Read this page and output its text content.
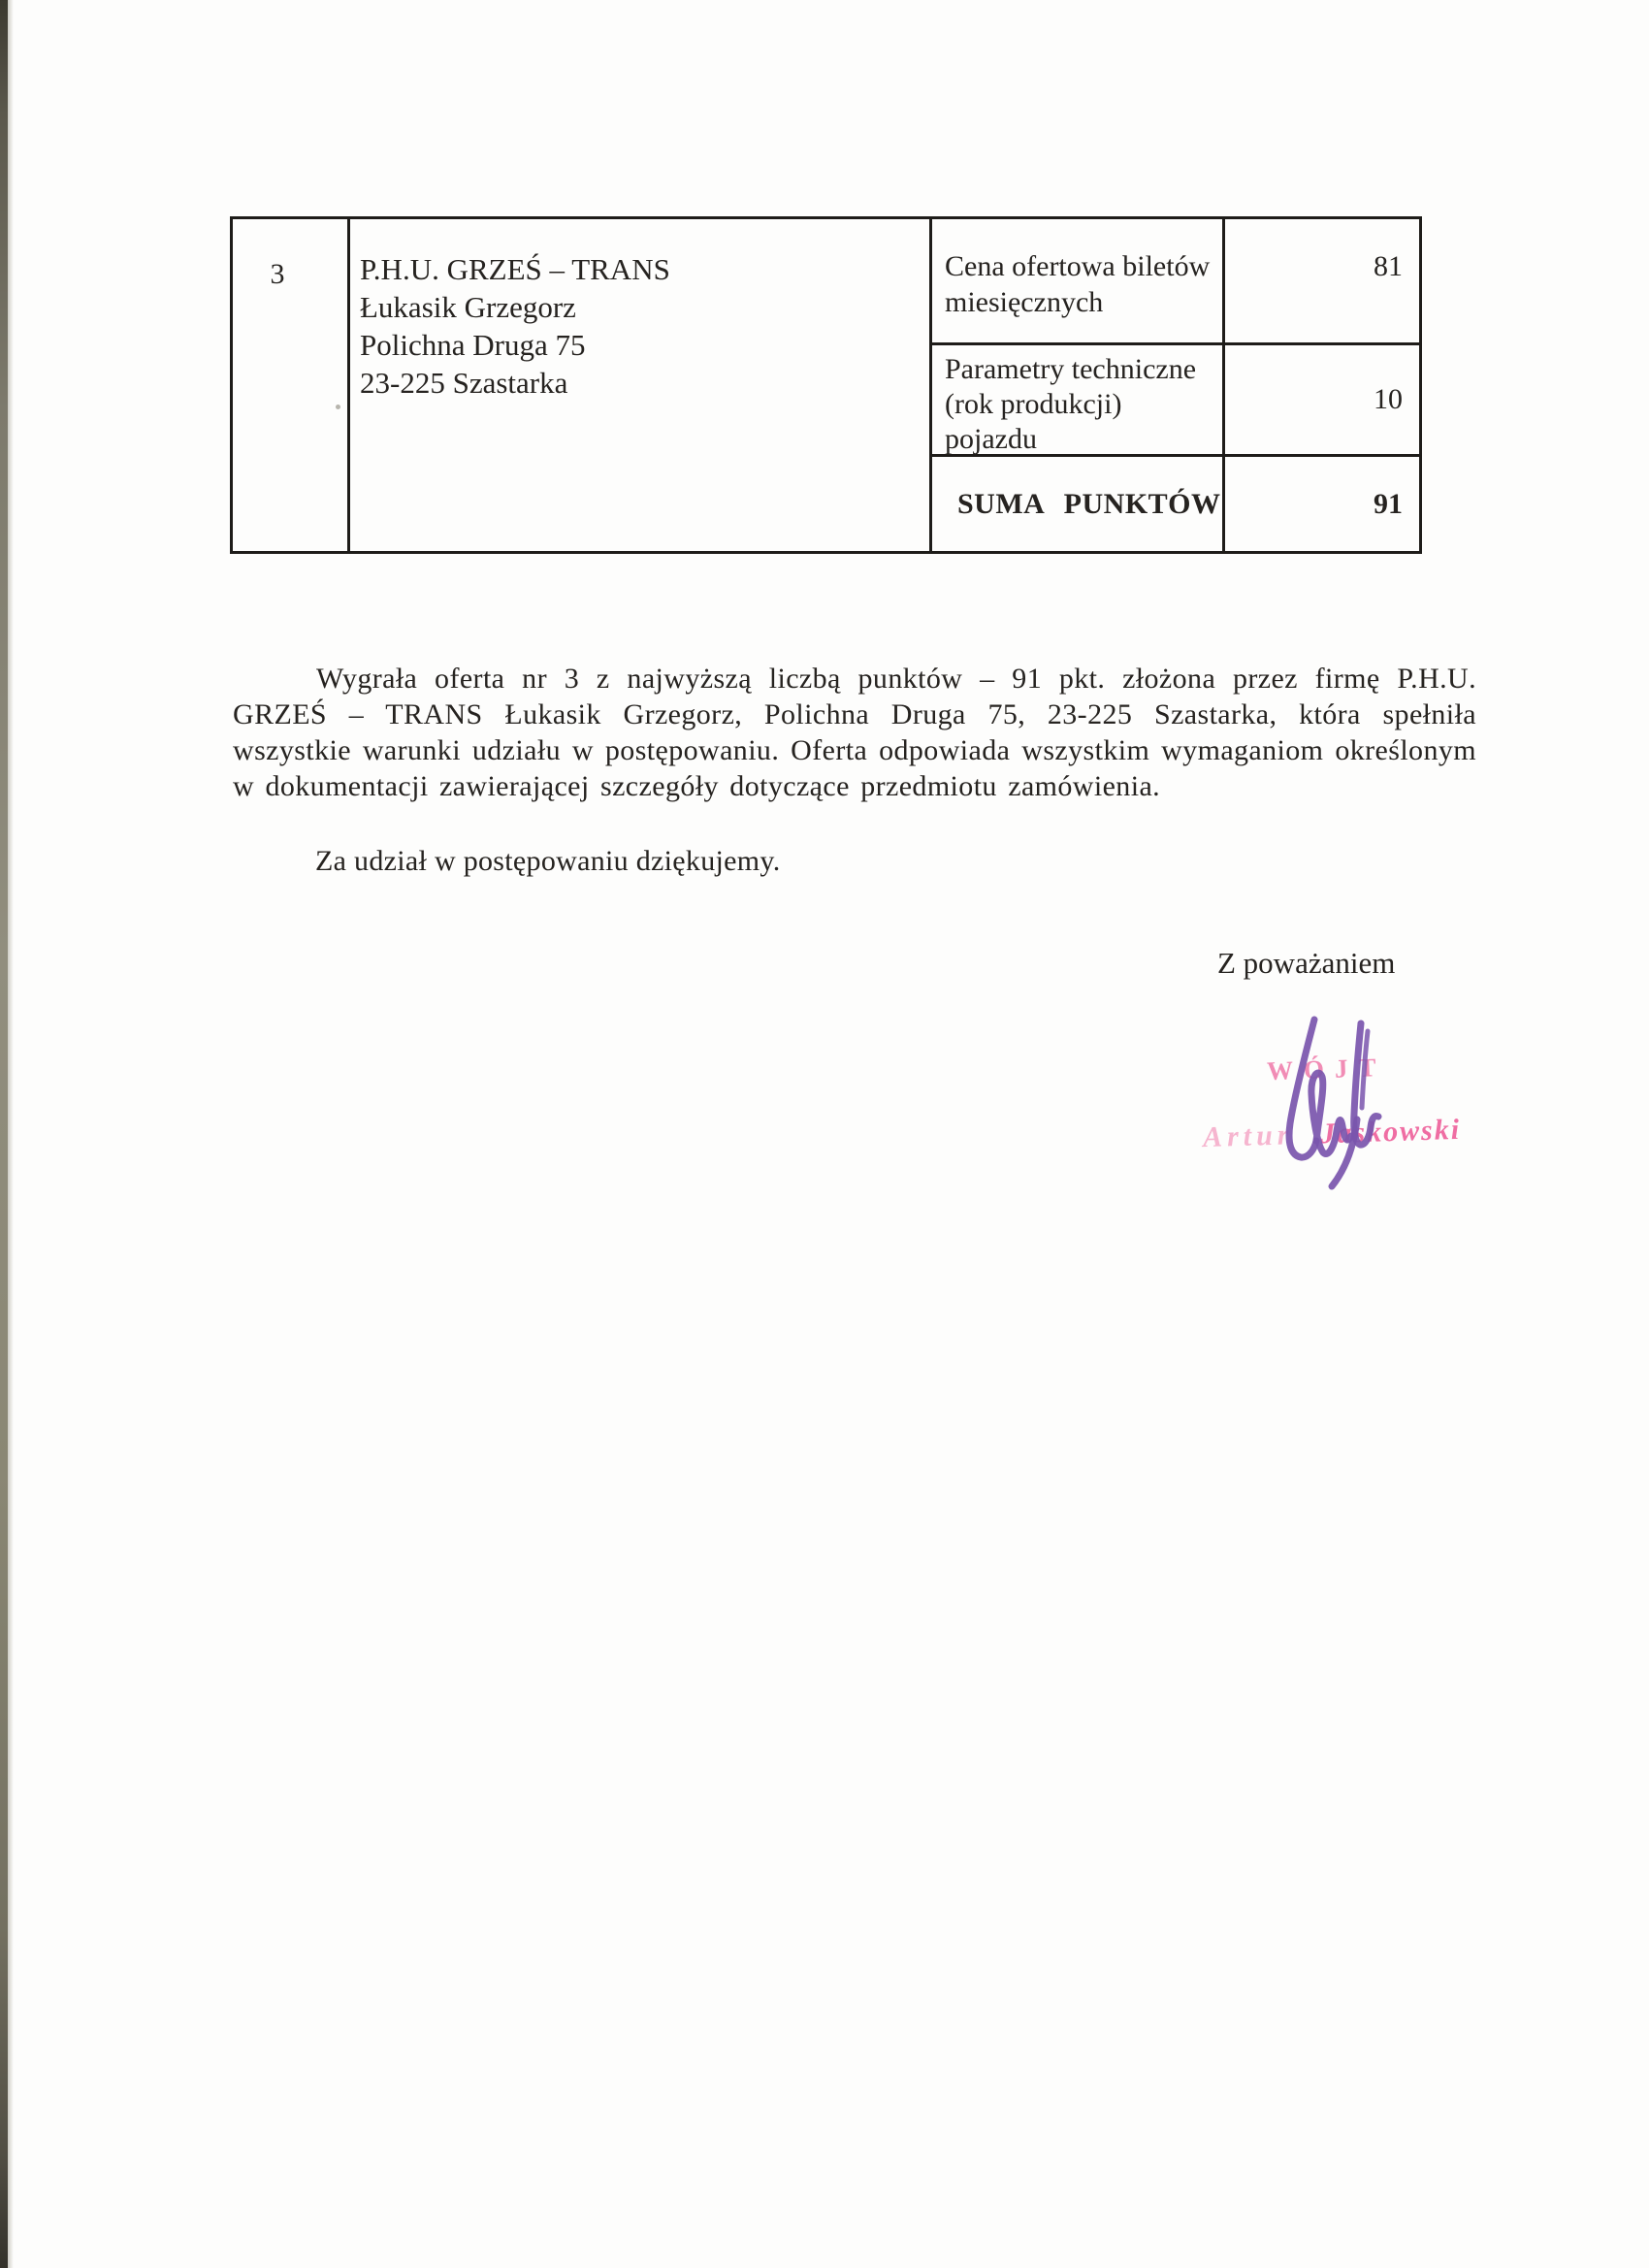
3	P.H.U. GRZEŚ – TRANS
Łukasik Grzegorz
Polichna Druga 75
23-225 Szastarka
Cena ofertowa biletów miesięcznych
81
Parametry techniczne (rok produkcji) pojazdu
10
SUMA PUNKTÓW	91

Wygrała oferta nr 3 z najwyższą liczbą punktów – 91 pkt. złożona przez firmę P.H.U. GRZEŚ – TRANS Łukasik Grzegorz, Polichna Druga 75, 23-225 Szastarka, która spełniła wszystkie warunki udziału w postępowaniu. Oferta odpowiada wszystkim wymaganiom określonym w dokumentacji zawierającej szczegóły dotyczące przedmiotu zamówienia.

Za udział w postępowaniu dziękujemy.

Z poważaniem

WÓJT
Artur Jaskowski
